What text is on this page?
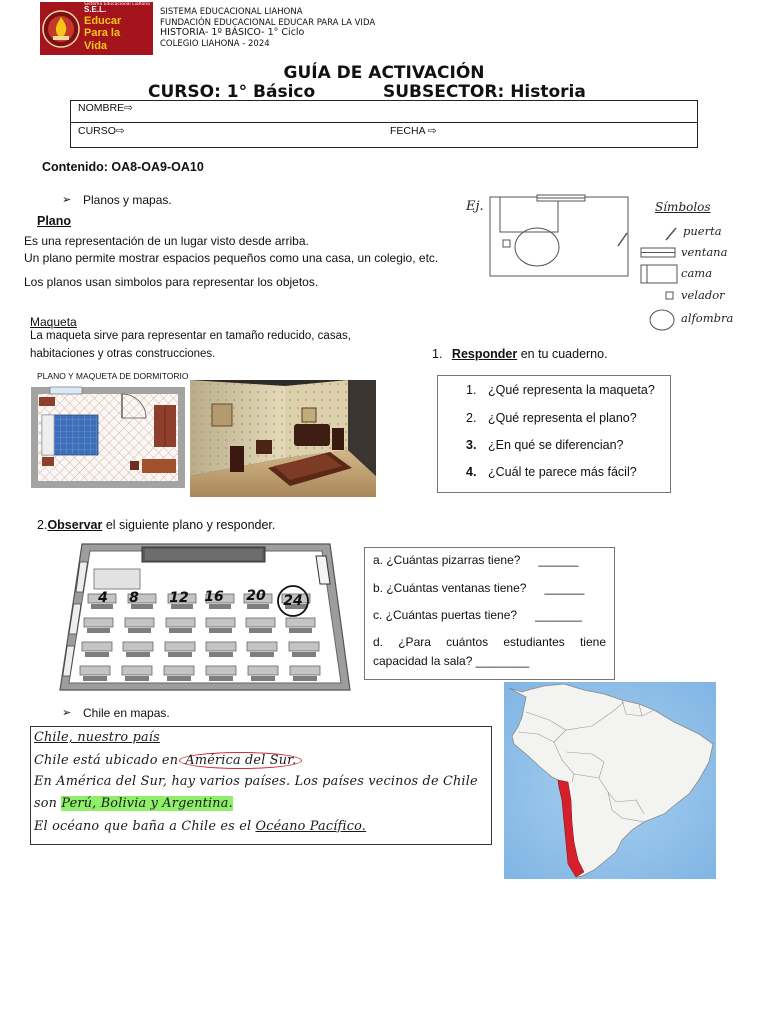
Sistema Educacional Liahona
S.E.L.
Educar
Para la
Vida
SISTEMA EDUCACIONAL LIAHONA
FUNDACIÓN EDUCACIONAL EDUCAR PARA LA VIDA
HISTORIA- 1º BÁSICO- 1° Ciclo
COLEGIO LIAHONA - 2024
GUÍA DE ACTIVACIÓN
CURSO: 1° Básico	SUBSECTOR: Historia
NOMBRE⇨
CURSO⇨	FECHA ⇨
Contenido: OA8-OA9-OA10
➢ Planos y mapas.
Plano
Es una representación de un lugar visto desde arriba.
Un plano permite mostrar espacios pequeños como una casa, un colegio, etc.
Los planos usan simbolos para representar los objetos.
Ej.	Símbolos
puerta
ventana
cama
velador
alfombra
Maqueta
La maqueta sirve para representar en tamaño reducido, casas,
habitaciones y otras construcciones.	1. Responder en tu cuaderno.
PLANO Y MAQUETA DE DORMITORIO
1. ¿Qué representa la maqueta?
2. ¿Qué representa el plano?
3. ¿En qué se diferencian?
4. ¿Cuál te parece más fácil?
2.Observar el siguiente plano y responder.
4	8	12	16	20	24
a. ¿Cuántas pizarras tiene? ______
b. ¿Cuántas ventanas tiene? ______
c. ¿Cuántas puertas tiene? _______
d. ¿Para cuántos estudiantes tiene
capacidad la sala? ________
➢ Chile en mapas.
Chile, nuestro país
Chile está ubicado en América del Sur.
En América del Sur, hay varios países. Los países vecinos de Chile
son Perú, Bolivia y Argentina.
El océano que baña a Chile es el Océano Pacífico.
